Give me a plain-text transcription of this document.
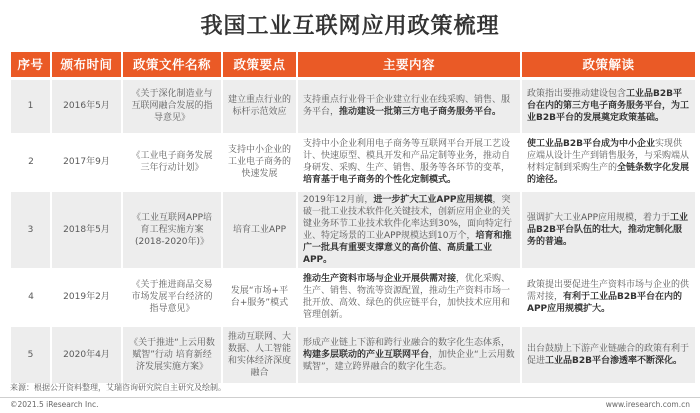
我国工业互联网应用政策梳理
序号	颁布时间	政策文件名称	政策要点	主要内容	政策解读
1	2016年5月	《关于深化制造业与互联网融合发展的指导意见》	建立重点行业的标杆示范效应	支持重点行业骨干企业建立行业在线采购、销售、服务平台，推动建设一批第三方电子商务服务平台。	政策指出要推动建设包含工业品B2B平台在内的第三方电子商务服务平台，为工业B2B平台的发展奠定政策基础。
2	2017年9月	《工业电子商务发展三年行动计划》	支持中小企业的工业电子商务的快速发展	支持中小企业利用电子商务等互联网平台开展工艺设计、快速原型、模具开发和产品定制等业务，推动自身研发、采购、生产、销售、服务等各环节的变革，培育基于电子商务的个性化定制模式。	使工业品B2B平台成为中小企业实现供应端从设计生产到销售服务，与采购端从材料定制到采购生产的全链条数字化发展的途径。
3	2018年5月	《工业互联网APP培育工程实施方案(2018-2020年)》	培育工业APP	2019年12月前，进一步扩大工业APP应用规模，突破一批工业技术软件化关键技术，创新应用企业的关键业务环节工业技术软件化率达到30%，面向特定行业、特定场景的工业APP规模达到10万个，培育和推广一批具有重要支撑意义的高价值、高质量工业APP。	强调扩大工业APP应用规模，着力于工业品B2B平台队伍的壮大，推动定制化服务的普遍。
4	2019年2月	《关于推进商品交易市场发展平台经济的指导意见》	发展“市场+平台+服务”模式	推动生产资料市场与企业开展供需对接，优化采购、生产、销售、物流等资源配置，推动生产资料市场一批开放、高效、绿色的供应链平台，加快技术应用和管理创新。	政策提出要促进生产资料市场与企业的供需对接，有利于工业品B2B平台在内的APP应用规模扩大。
5	2020年4月	《关于推进“上云用数赋智”行动 培育新经济发展实施方案》	推动互联网、大数据、人工智能和实体经济深度融合	形成产业链上下游和跨行业融合的数字化生态体系，构建多层联动的产业互联网平台，加快企业“上云用数赋智”，建立跨界融合的数字化生态。	出台鼓励上下游产业链融合的政策有利于促进工业品B2B平台渗透率不断深化。
来源：根据公开资料整理，艾瑞咨询研究院自主研究及绘制。
©2021.5 iResearch Inc.	www.iresearch.com.cn
